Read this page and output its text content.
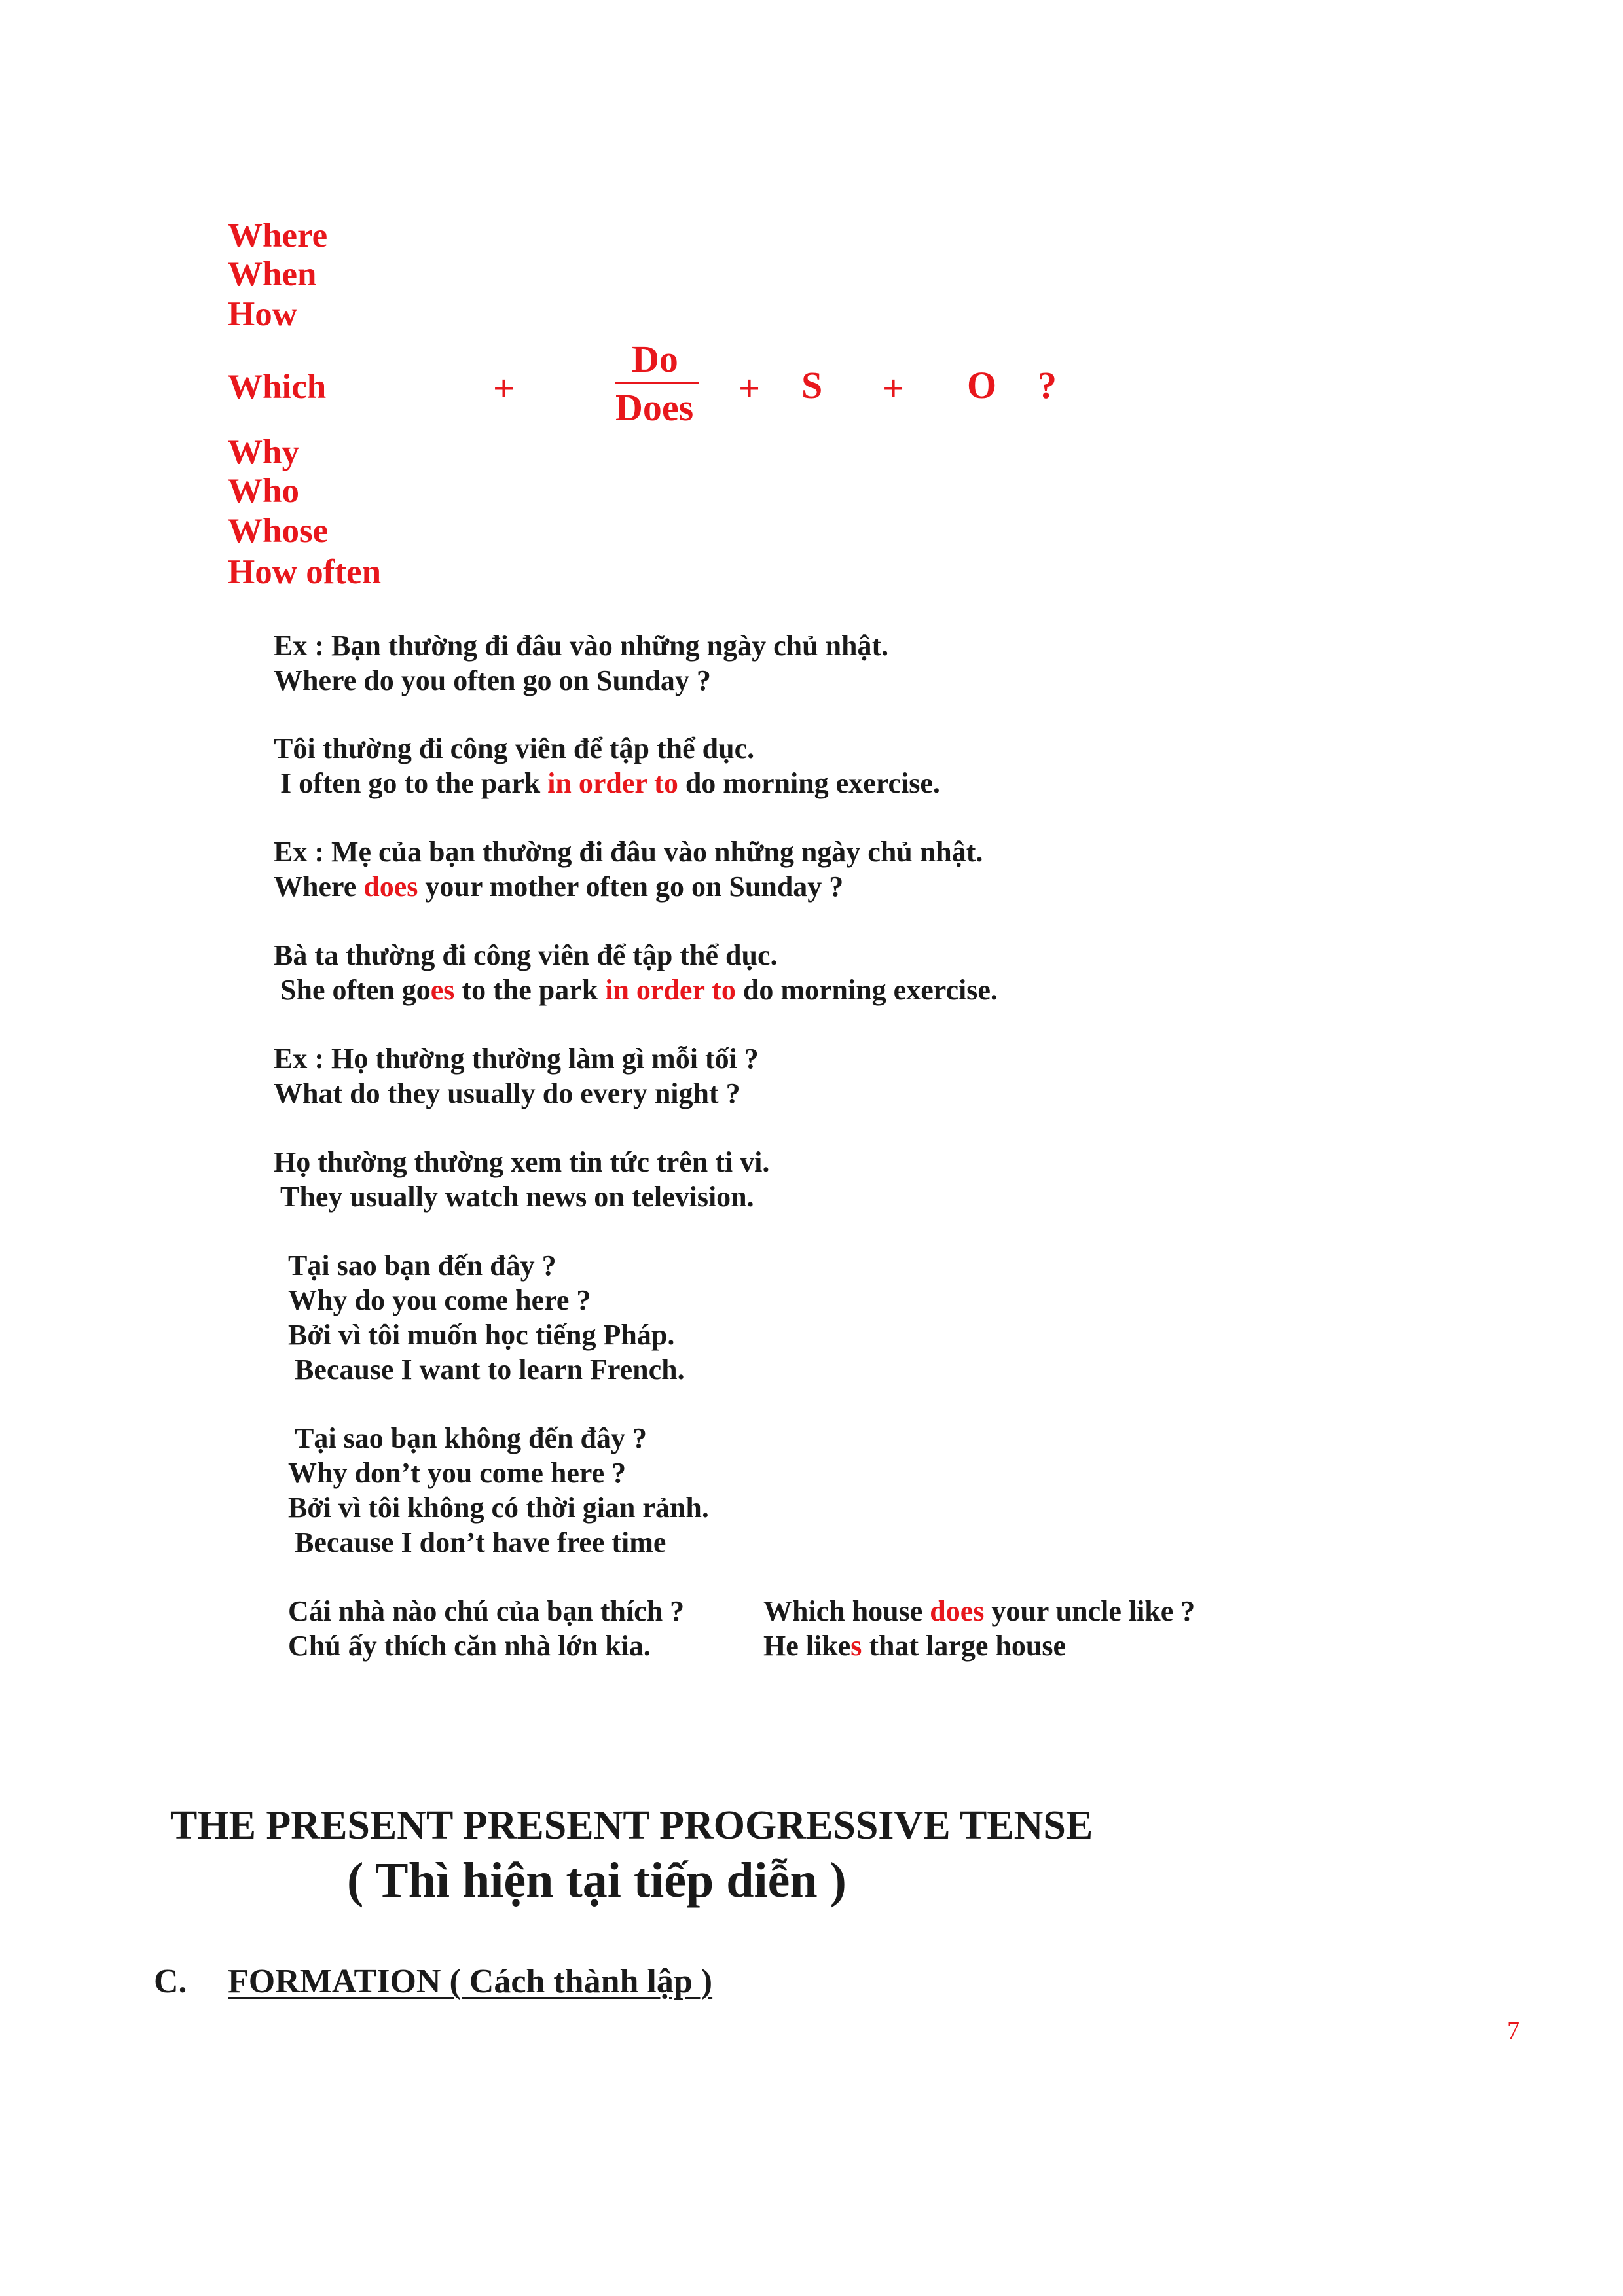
Where
When
How
Which
Why
Who
Whose
How often
+
Do
Does + S + O ?
Ex : Bạn thường đi đâu vào những ngày chủ nhật.
Where do you often go on Sunday ?
Tôi thường đi công viên để tập thể dục.
I often go to the park in order to do morning exercise.
Ex : Mẹ của bạn thường đi đâu vào những ngày chủ nhật.
Where does your mother often go on Sunday ?
Bà ta thường đi công viên để tập thể dục.
She often goes to the park in order to do morning exercise.
Ex : Họ thường thường làm gì mỗi tối ?
What do they usually do every night ?
Họ thường thường xem tin tức trên ti vi.
They usually watch news on television.
Tại sao bạn đến đây ?
Why do you come here ?
Bởi vì tôi muốn học tiếng Pháp.
Because I want to learn French.
Tại sao bạn không đến đây ?
Why don’t you come here ?
Bởi vì tôi không có thời gian rảnh.
Because I don’t have free time
Cái nhà nào chú của bạn thích ?
Chú ấy thích căn nhà lớn kia.
Which house does your uncle like ?
He likes that large house
THE PRESENT PRESENT PROGRESSIVE TENSE
( Thì hiện tại tiếp diễn )
C. FORMATION ( Cách thành lập )
7
